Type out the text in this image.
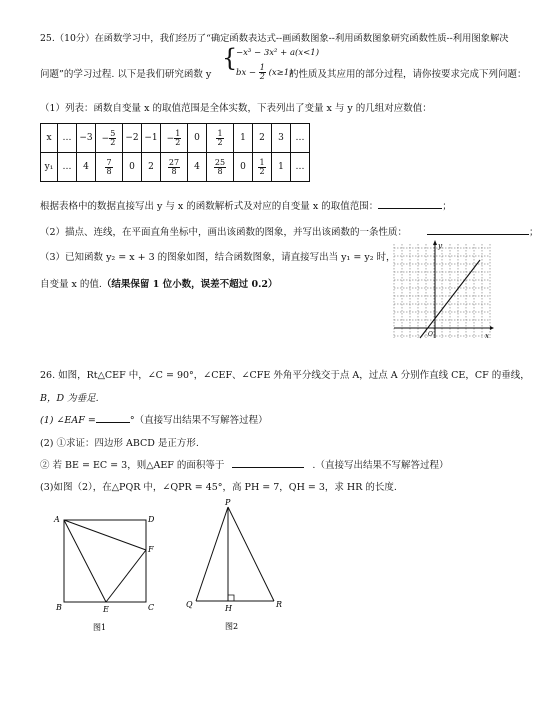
25.（10分）在函数学习中，我们经历了“确定函数表达式--画函数图象--利用函数图象研究函数性质--利用图象解决
问题”的学习过程. 以下是我们研究函数 y
{
−x³ − 3x² + a(x<1)
bx − $\frac{1}{2} (x\ge 1)$
的性质及其应用的部分过程，请你按要求完成下列问题：
（1）列表：函数自变量 x 的取值范围是全体实数，下表列出了变量 x 与 y 的几组对应数值：
x	…	−3	− $\frac{5}{2}$	−2	−1	− $\frac{1}{2}$	0	$\frac{1}{2}$	1	2	3	…
y₁	…	4	$\frac{7}{8}$	0	2	$\frac{27}{8}$	4	$\frac{25}{8}$	0	$\frac{1}{2}$	1	…
根据表格中的数据直接写出 y 与 x 的函数解析式及对应的自变量 x 的取值范围：	；
（2）描点、连线，在平面直角坐标中，画出该函数的图象，并写出该函数的一条性质：	；
（3）已知函数 y₂ = x + 3 的图象如图，结合函数图象，请直接写出当 y₁ = y₂ 时，
自变量 x 的值.（结果保留 1 位小数，误差不超过 0.2）
x
y
O
26. 如图，Rt△CEF 中，∠C = 90°，∠CEF、∠CFE 外角平分线交于点 A，过点 A 分别作直线 CE，CF 的垂线，
B，D 为垂足.
(1) ∠EAF =	°（直接写出结果不写解答过程）
(2) ①求证：四边形 ABCD 是正方形.
② 若 BE = EC = 3，则△AEF 的面积等于	.（直接写出结果不写解答过程）
(3)如图（2），在△PQR 中，∠QPR = 45°，高 PH = 7，QH = 3，求 HR 的长度.
A	D
B	C
E
F
图1
P
Q	H	R
图2
